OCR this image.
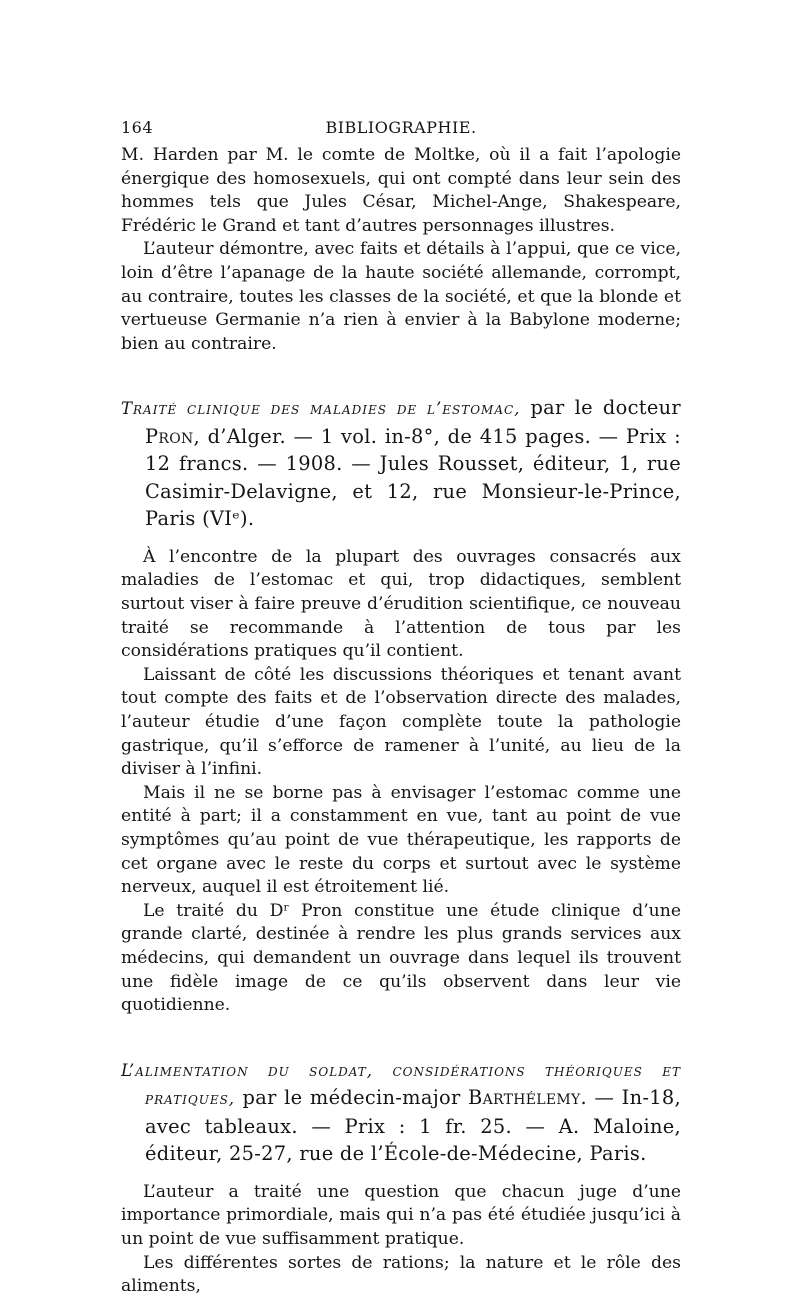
164	BIBLIOGRAPHIE.

M. Harden par M. le comte de Moltke, où il a fait l’apologie énergique des homosexuels, qui ont compté dans leur sein des hommes tels que Jules César, Michel-Ange, Shakespeare, Frédéric le Grand et tant d’autres personnages illustres.

L’auteur démontre, avec faits et détails à l’appui, que ce vice, loin d’être l’apanage de la haute société allemande, corrompt, au contraire, toutes les classes de la société, et que la blonde et vertueuse Germanie n’a rien à envier à la Babylone moderne; bien au contraire.

Traité clinique des maladies de l’estomac, par le docteur Pron, d’Alger. — 1 vol. in-8°, de 415 pages. — Prix : 12 francs. — 1908. — Jules Rousset, éditeur, 1, rue Casimir-Delavigne, et 12, rue Monsieur-le-Prince, Paris (VIᵉ).

À l’encontre de la plupart des ouvrages consacrés aux maladies de l’estomac et qui, trop didactiques, semblent surtout viser à faire preuve d’érudition scientifique, ce nouveau traité se recommande à l’attention de tous par les considérations pratiques qu’il contient.

Laissant de côté les discussions théoriques et tenant avant tout compte des faits et de l’observation directe des malades, l’auteur étudie d’une façon complète toute la pathologie gastrique, qu’il s’efforce de ramener à l’unité, au lieu de la diviser à l’infini.

Mais il ne se borne pas à envisager l’estomac comme une entité à part; il a constamment en vue, tant au point de vue symptômes qu’au point de vue thérapeutique, les rapports de cet organe avec le reste du corps et surtout avec le système nerveux, auquel il est étroitement lié.

Le traité du Dʳ Pron constitue une étude clinique d’une grande clarté, destinée à rendre les plus grands services aux médecins, qui demandent un ouvrage dans lequel ils trouvent une fidèle image de ce qu’ils observent dans leur vie quotidienne.

L’alimentation du soldat, considérations théoriques et pratiques, par le médecin-major Barthélemy. — In-18, avec tableaux. — Prix : 1 fr. 25. — A. Maloine, éditeur, 25-27, rue de l’École-de-Médecine, Paris.

L’auteur a traité une question que chacun juge d’une importance primordiale, mais qui n’a pas été étudiée jusqu’ici à un point de vue suffisamment pratique.

Les différentes sortes de rations; la nature et le rôle des aliments,
